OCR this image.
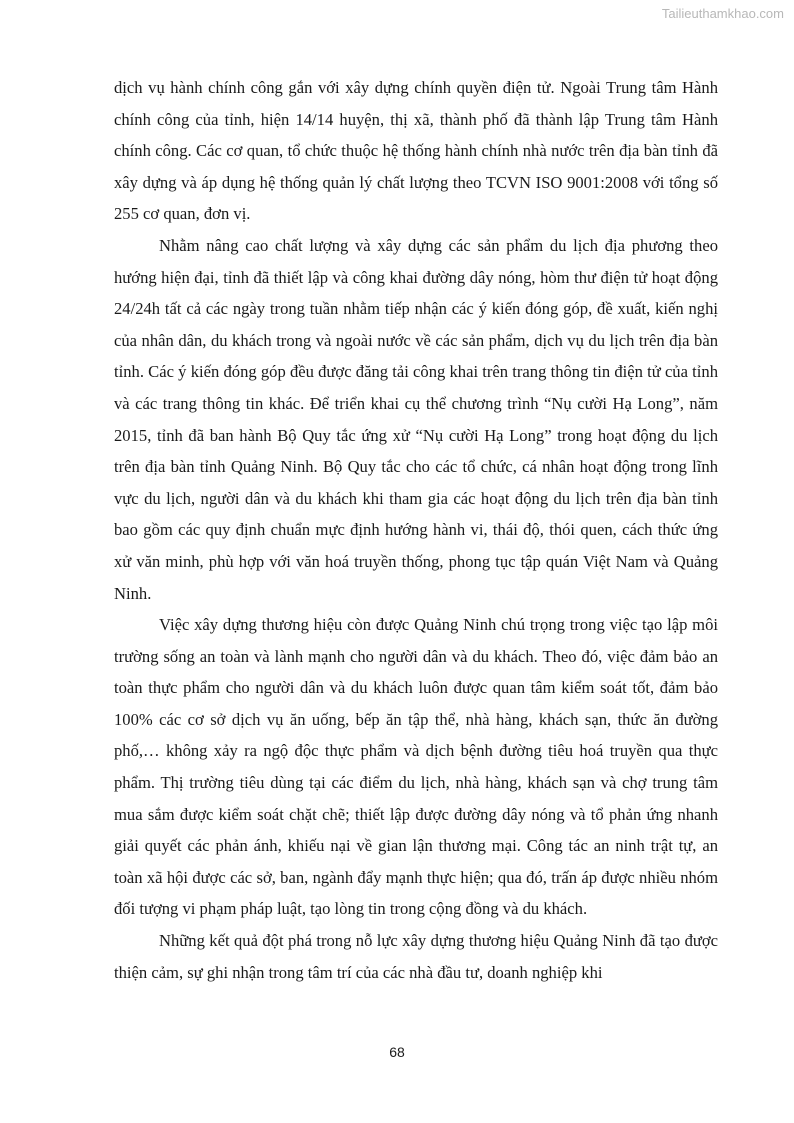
Tailieuthamkhao.com

dịch vụ hành chính công gắn với xây dựng chính quyền điện tử. Ngoài Trung tâm Hành chính công của tỉnh, hiện 14/14 huyện, thị xã, thành phố đã thành lập Trung tâm Hành chính công. Các cơ quan, tổ chức thuộc hệ thống hành chính nhà nước trên địa bàn tỉnh đã xây dựng và áp dụng hệ thống quản lý chất lượng theo TCVN ISO 9001:2008 với tổng số 255 cơ quan, đơn vị.

Nhằm nâng cao chất lượng và xây dựng các sản phẩm du lịch địa phương theo hướng hiện đại, tỉnh đã thiết lập và công khai đường dây nóng, hòm thư điện tử hoạt động 24/24h tất cả các ngày trong tuần nhằm tiếp nhận các ý kiến đóng góp, đề xuất, kiến nghị của nhân dân, du khách trong và ngoài nước về các sản phẩm, dịch vụ du lịch trên địa bàn tỉnh. Các ý kiến đóng góp đều được đăng tải công khai trên trang thông tin điện tử của tỉnh và các trang thông tin khác. Để triển khai cụ thể chương trình “Nụ cười Hạ Long”, năm 2015, tỉnh đã ban hành Bộ Quy tắc ứng xử “Nụ cười Hạ Long” trong hoạt động du lịch trên địa bàn tỉnh Quảng Ninh. Bộ Quy tắc cho các tổ chức, cá nhân hoạt động trong lĩnh vực du lịch, người dân và du khách khi tham gia các hoạt động du lịch trên địa bàn tỉnh bao gồm các quy định chuẩn mực định hướng hành vi, thái độ, thói quen, cách thức ứng xử văn minh, phù hợp với văn hoá truyền thống, phong tục tập quán Việt Nam và Quảng Ninh.

Việc xây dựng thương hiệu còn được Quảng Ninh chú trọng trong việc tạo lập môi trường sống an toàn và lành mạnh cho người dân và du khách. Theo đó, việc đảm bảo an toàn thực phẩm cho người dân và du khách luôn được quan tâm kiểm soát tốt, đảm bảo 100% các cơ sở dịch vụ ăn uống, bếp ăn tập thể, nhà hàng, khách sạn, thức ăn đường phố,… không xảy ra ngộ độc thực phẩm và dịch bệnh đường tiêu hoá truyền qua thực phẩm. Thị trường tiêu dùng tại các điểm du lịch, nhà hàng, khách sạn và chợ trung tâm mua sắm được kiểm soát chặt chẽ; thiết lập được đường dây nóng và tổ phản ứng nhanh giải quyết các phản ánh, khiếu nại về gian lận thương mại. Công tác an ninh trật tự, an toàn xã hội được các sở, ban, ngành đẩy mạnh thực hiện; qua đó, trấn áp được nhiều nhóm đối tượng vi phạm pháp luật, tạo lòng tin trong cộng đồng và du khách.

Những kết quả đột phá trong nỗ lực xây dựng thương hiệu Quảng Ninh đã tạo được thiện cảm, sự ghi nhận trong tâm trí của các nhà đầu tư, doanh nghiệp khi

68
